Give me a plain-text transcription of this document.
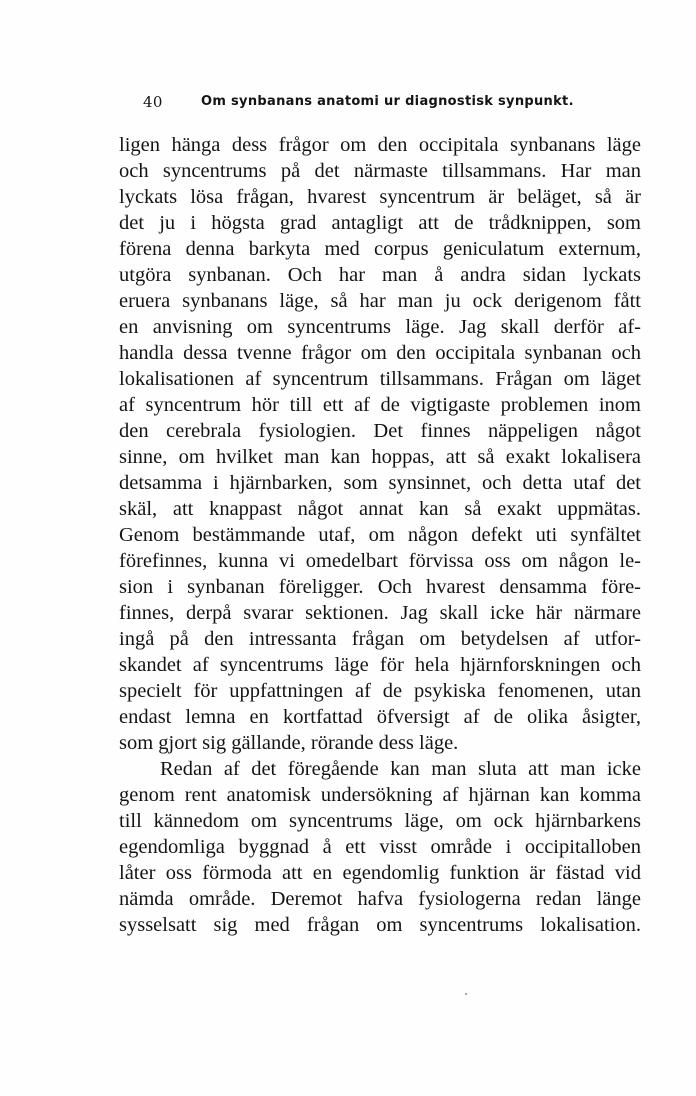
40	Om synbanans anatomi ur diagnostisk synpunkt.
ligen hänga dess frågor om den occipitala synbanans läge
och syncentrums på det närmaste tillsammans. Har man
lyckats lösa frågan, hvarest syncentrum är beläget, så är
det ju i högsta grad antagligt att de trådknippen, som
förena denna barkyta med corpus geniculatum externum,
utgöra synbanan. Och har man å andra sidan lyckats
eruera synbanans läge, så har man ju ock derigenom fått
en anvisning om syncentrums läge. Jag skall derför af-
handla dessa tvenne frågor om den occipitala synbanan och
lokalisationen af syncentrum tillsammans. Frågan om läget
af syncentrum hör till ett af de vigtigaste problemen inom
den cerebrala fysiologien. Det finnes näppeligen något
sinne, om hvilket man kan hoppas, att så exakt lokalisera
detsamma i hjärnbarken, som synsinnet, och detta utaf det
skäl, att knappast något annat kan så exakt uppmätas.
Genom bestämmande utaf, om någon defekt uti synfältet
förefinnes, kunna vi omedelbart förvissa oss om någon le-
sion i synbanan föreligger. Och hvarest densamma före-
finnes, derpå svarar sektionen. Jag skall icke här närmare
ingå på den intressanta frågan om betydelsen af utfor-
skandet af syncentrums läge för hela hjärnforskningen och
specielt för uppfattningen af de psykiska fenomenen, utan
endast lemna en kortfattad öfversigt af de olika åsigter,
som gjort sig gällande, rörande dess läge.
Redan af det föregående kan man sluta att man icke
genom rent anatomisk undersökning af hjärnan kan komma
till kännedom om syncentrums läge, om ock hjärnbarkens
egendomliga byggnad å ett visst område i occipitalloben
låter oss förmoda att en egendomlig funktion är fästad vid
nämda område. Deremot hafva fysiologerna redan länge
sysselsatt sig med frågan om syncentrums lokalisation.
